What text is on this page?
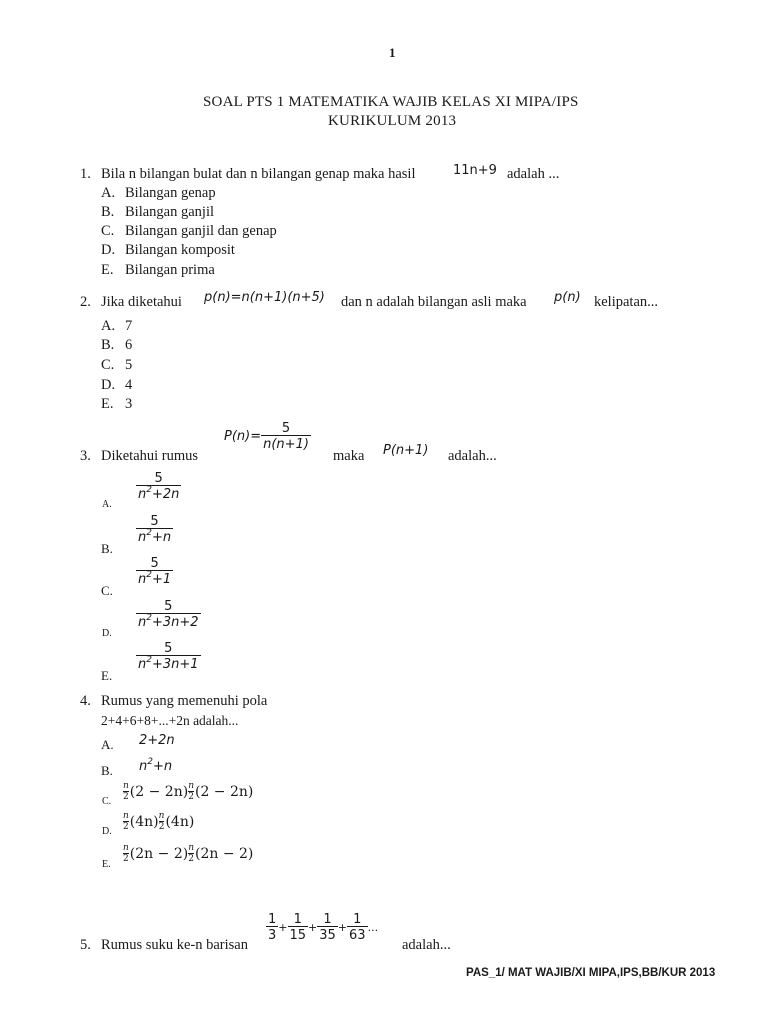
1
SOAL PTS 1 MATEMATIKA WAJIB KELAS XI MIPA/IPS
KURIKULUM 2013
1. Bila n bilangan bulat dan n bilangan genap maka hasil	11n+9 adalah ...
A. Bilangan genap
B. Bilangan ganjil
C. Bilangan ganjil dan genap
D. Bilangan komposit
E. Bilangan prima
2. Jika diketahui p(n)=n(n+1)(n+5) dan n adalah bilangan asli maka p(n) kelipatan...
A. 7
B. 6
C. 5
D. 4
E. 3
3. Diketahui rumus
$P(n)= \frac{5}{n(n+1)}$
maka P(n+1) adalah...
A.
$\frac{5}{n^2+2n}$
B.
$\frac{5}{n^2+n}$
C.
$\frac{5}{n^2+1}$
D.
$\frac{5}{n^2+3n+2}$
E.
$\frac{5}{n^2+3n+1}$
4. Rumus yang memenuhi pola
2+4+6+8+...+2n adalah...
A. 2+2n
B. $n^2+n$
C. $\frac{n}{2} (2 - 2n) \frac{n}{2} (2 - 2n)$
D. $\frac{n}{2} (4n) \frac{n}{2} (4n)$
E.
$\frac{n}{2} (2n - 2) \frac{n}{2} (2n - 2)$
5. Rumus suku ke-n barisan
$\frac{1}{3} + \frac{1}{15} + \frac{1}{35} + \frac{1}{63}$ ...
adalah...
PAS_1/ MAT WAJIB/XI MIPA,IPS,BB/KUR 2013
